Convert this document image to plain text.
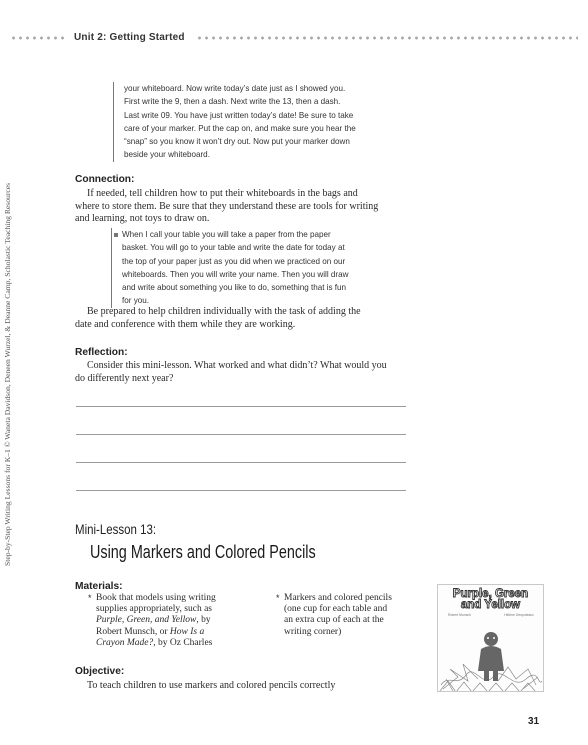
Unit 2: Getting Started
Step-by-Step Writing Lessons for K–1 © Waneta Davidson, Deneen Wurzel, & Deanne Camp, Scholastic Teaching Resources
your whiteboard. Now write today’s date just as I showed you.
First write the 9, then a dash. Next write the 13, then a dash.
Last write 09. You have just written today’s date! Be sure to take
care of your marker. Put the cap on, and make sure you hear the
“snap” so you know it won’t dry out. Now put your marker down
beside your whiteboard.
Connection:
If needed, tell children how to put their whiteboards in the bags and
where to store them. Be sure that they understand these are tools for writing
and learning, not toys to draw on.
When I call your table you will take a paper from the paper
basket. You will go to your table and write the date for today at
the top of your paper just as you did when we practiced on our
whiteboards. Then you will write your name. Then you will draw
and write about something you like to do, something that is fun
for you.
Be prepared to help children individually with the task of adding the
date and conference with them while they are working.
Reflection:
Consider this mini-lesson. What worked and what didn’t? What would you
do differently next year?
Mini-Lesson 13:
Using Markers and Colored Pencils
Materials:
* Book that models using writing
supplies appropriately, such as
Purple, Green, and Yellow, by
Robert Munsch, or How Is a
Crayon Made?, by Oz Charles
* Markers and colored pencils
(one cup for each table and
an extra cup of each at the
writing corner)
Purple, Green
and Yellow
Robert Munsch	Hélène Desputeaux
Objective:
To teach children to use markers and colored pencils correctly
31
